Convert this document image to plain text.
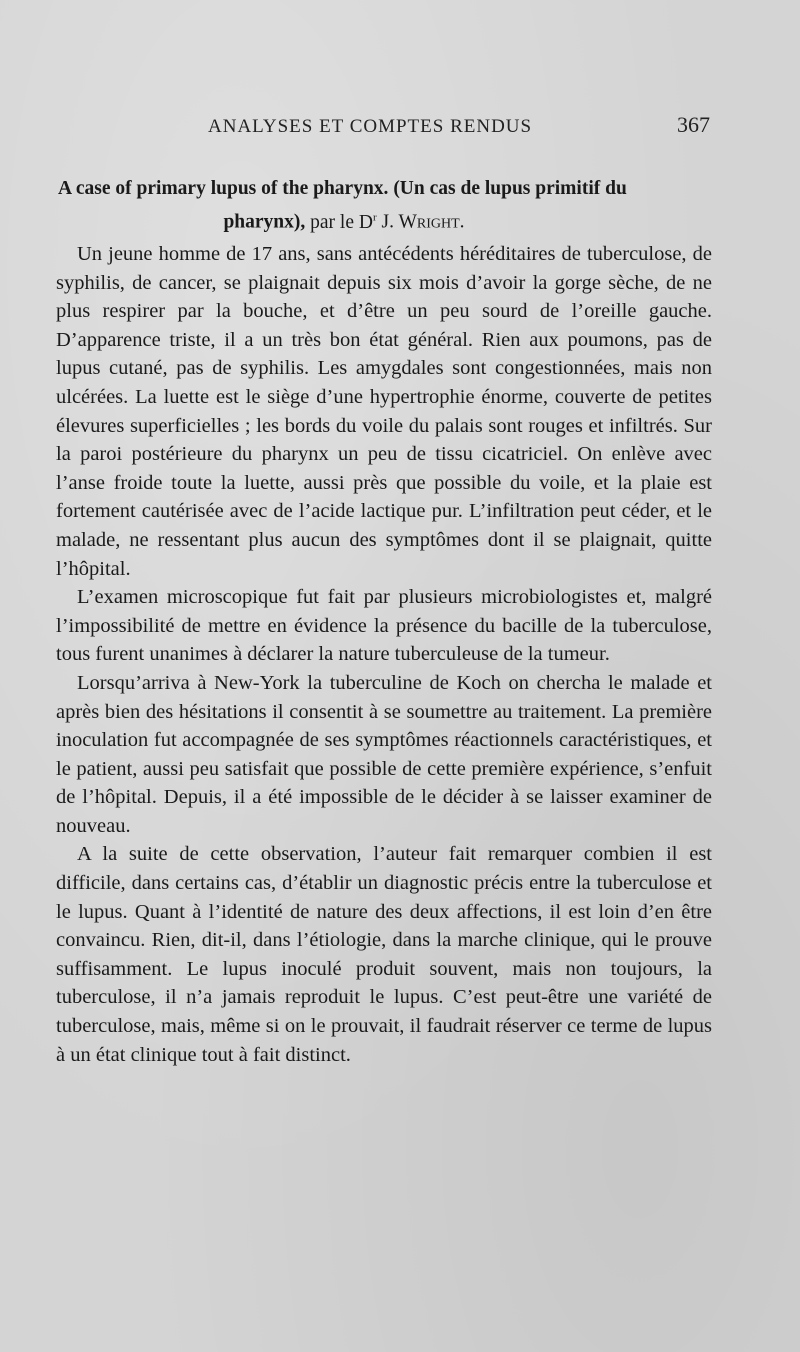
ANALYSES ET COMPTES RENDUS	367
A case of primary lupus of the pharynx. (Un cas de lupus primitif du
pharynx), par le $D^r$ J. Wright.

Un jeune homme de 17 ans, sans antécédents héréditaires de tuberculose, de syphilis, de cancer, se plaignait depuis six mois d’avoir la gorge sèche, de ne plus respirer par la bouche, et d’être un peu sourd de l’oreille gauche. D’apparence triste, il a un très bon état général. Rien aux poumons, pas de lupus cutané, pas de syphilis. Les amygdales sont congestionnées, mais non ulcérées. La luette est le siège d’une hypertrophie énorme, couverte de petites élevures superficielles ; les bords du voile du palais sont rouges et infiltrés. Sur la paroi postérieure du pharynx un peu de tissu cicatriciel. On enlève avec l’anse froide toute la luette, aussi près que possible du voile, et la plaie est fortement cautérisée avec de l’acide lactique pur. L’infiltration peut céder, et le malade, ne ressentant plus aucun des symptômes dont il se plaignait, quitte l’hôpital.

L’examen microscopique fut fait par plusieurs microbiologistes et, malgré l’impossibilité de mettre en évidence la présence du bacille de la tuberculose, tous furent unanimes à déclarer la nature tuberculeuse de la tumeur.

Lorsqu’arriva à New-York la tuberculine de Koch on chercha le malade et après bien des hésitations il consentit à se soumettre au traitement. La première inoculation fut accompagnée de ses symptômes réactionnels caractéristiques, et le patient, aussi peu satisfait que possible de cette première expérience, s’enfuit de l’hôpital. Depuis, il a été impossible de le décider à se laisser examiner de nouveau.

A la suite de cette observation, l’auteur fait remarquer combien il est difficile, dans certains cas, d’établir un diagnostic précis entre la tuberculose et le lupus. Quant à l’identité de nature des deux affections, il est loin d’en être convaincu. Rien, dit-il, dans l’étiologie, dans la marche clinique, qui le prouve suffisamment. Le lupus inoculé produit souvent, mais non toujours, la tuberculose, il n’a jamais reproduit le lupus. C’est peut-être une variété de tuberculose, mais, même si on le prouvait, il faudrait réserver ce terme de lupus à un état clinique tout à fait distinct.
